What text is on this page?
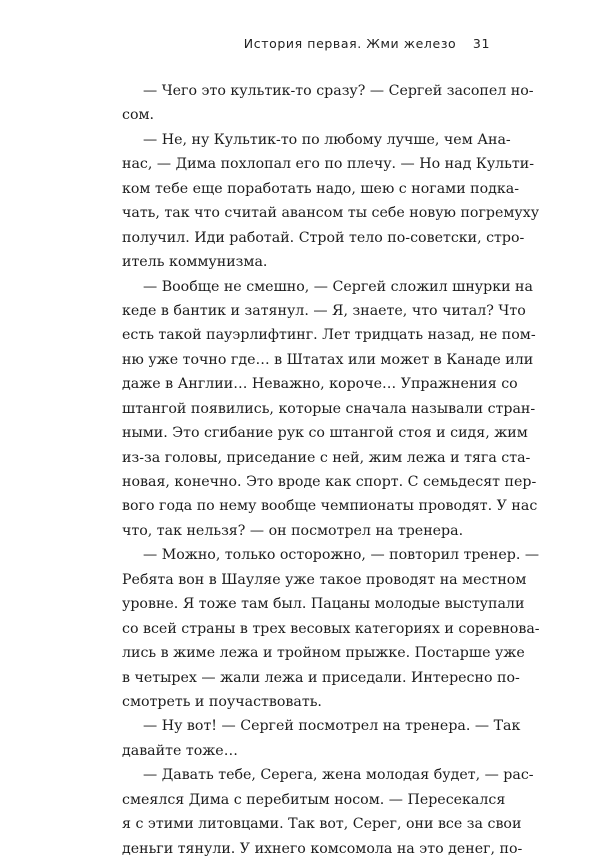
История первая. Жми железо 31
— Чего это культик-то сразу? — Сергей засопел но-
сом.
— Не, ну Культик-то по любому лучше, чем Ана-
нас, — Дима похлопал его по плечу. — Но над Культи-
ком тебе еще поработать надо, шею с ногами подка-
чать, так что считай авансом ты себе новую погремуху
получил. Иди работай. Строй тело по-советски, стро-
итель коммунизма.
— Вообще не смешно, — Сергей сложил шнурки на
кеде в бантик и затянул. — Я, знаете, что читал? Что
есть такой пауэрлифтинг. Лет тридцать назад, не пом-
ню уже точно где… в Штатах или может в Канаде или
даже в Англии… Неважно, короче… Упражнения со
штангой появились, которые сначала называли стран-
ными. Это сгибание рук со штангой стоя и сидя, жим
из-за головы, приседание с ней, жим лежа и тяга ста-
новая, конечно. Это вроде как спорт. С семьдесят пер-
вого года по нему вообще чемпионаты проводят. У нас
что, так нельзя? — он посмотрел на тренера.
— Можно, только осторожно, — повторил тренер. —
Ребята вон в Шауляе уже такое проводят на местном
уровне. Я тоже там был. Пацаны молодые выступали
со всей страны в трех весовых категориях и соревнова-
лись в жиме лежа и тройном прыжке. Постарше уже
в четырех — жали лежа и приседали. Интересно по-
смотреть и поучаствовать.
— Ну вот! — Сергей посмотрел на тренера. — Так
давайте тоже…
— Давать тебе, Серега, жена молодая будет, — рас-
смеялся Дима с перебитым носом. — Пересекался
я с этими литовцами. Так вот, Серег, они все за свои
деньги тянули. У ихнего комсомола на это денег, по-
